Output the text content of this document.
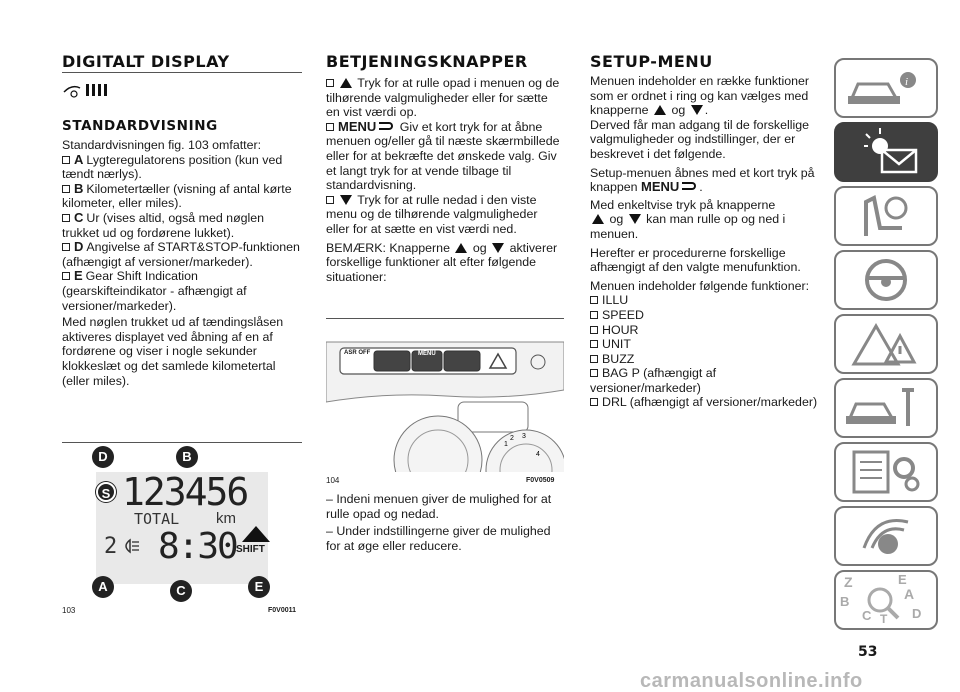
DIGITALT DISPLAY
STANDARDVISNING

Standardvisningen fig. 103 omfatter:

A Lygteregulatorens position (kun ved tændt nærlys).
B Kilometertæller (visning af antal kørte kilometer, eller miles).
C Ur (vises altid, også med nøglen trukket ud og fordørene lukket).
D Angivelse af START&STOP-funktionen (afhængigt af versioner/markeder).
E Gear Shift Indication (gearskifteindikator - afhængigt af versioner/markeder).

Med nøglen trukket ud af tændingslåsen aktiveres displayet ved åbning af en af fordørene og viser i nogle sekunder klokkeslæt og det samlede kilometertal (eller miles).

123456
TOTAL km
2 8:30 SHIFT
D	B
S
A	C	E
103	F0V0011
BETJENINGSKNAPPER
Tryk for at rulle opad i menuen og de tilhørende valgmuligheder eller for sætte en vist værdi op.
MENU Giv et kort tryk for at åbne menuen og/eller gå til næste skærmbillede eller for at bekræfte det ønskede valg. Giv et langt tryk for at vende tilbage til standardvisning.
Tryk for at rulle nedad i den viste menu og de tilhørende valgmuligheder eller for at sætte en vist værdi ned.

BEMÆRK: Knapperne og aktiverer forskellige funktioner alt efter følgende situationer:

1
2 3
4
ASR OFF	MENU
104	F0V0509

– Indeni menuen giver de mulighed for at rulle opad og nedad.

– Under indstillingerne giver de mulighed for at øge eller reducere.

SETUP-MENU

Menuen indeholder en række funktioner som er ordnet i ring og kan vælges med knapperne og .

Derved får man adgang til de forskellige valgmuligheder og indstillinger, der er beskrevet i det følgende.

Setup-menuen åbnes med et kort tryk på knappen MENU .

Med enkeltvise tryk på knapperne
og kan man rulle op og ned i menuen.

Herefter er procedurerne forskellige afhængigt af den valgte menufunktion.

Menuen indeholder følgende funktioner:

ILLU
SPEED
HOUR
UNIT
BUZZ
BAG P (afhængigt af versioner/markeder)
DRL (afhængigt af versioner/markeder)
i
Z	E
A
B
C T D
53
carmanualsonline.info
